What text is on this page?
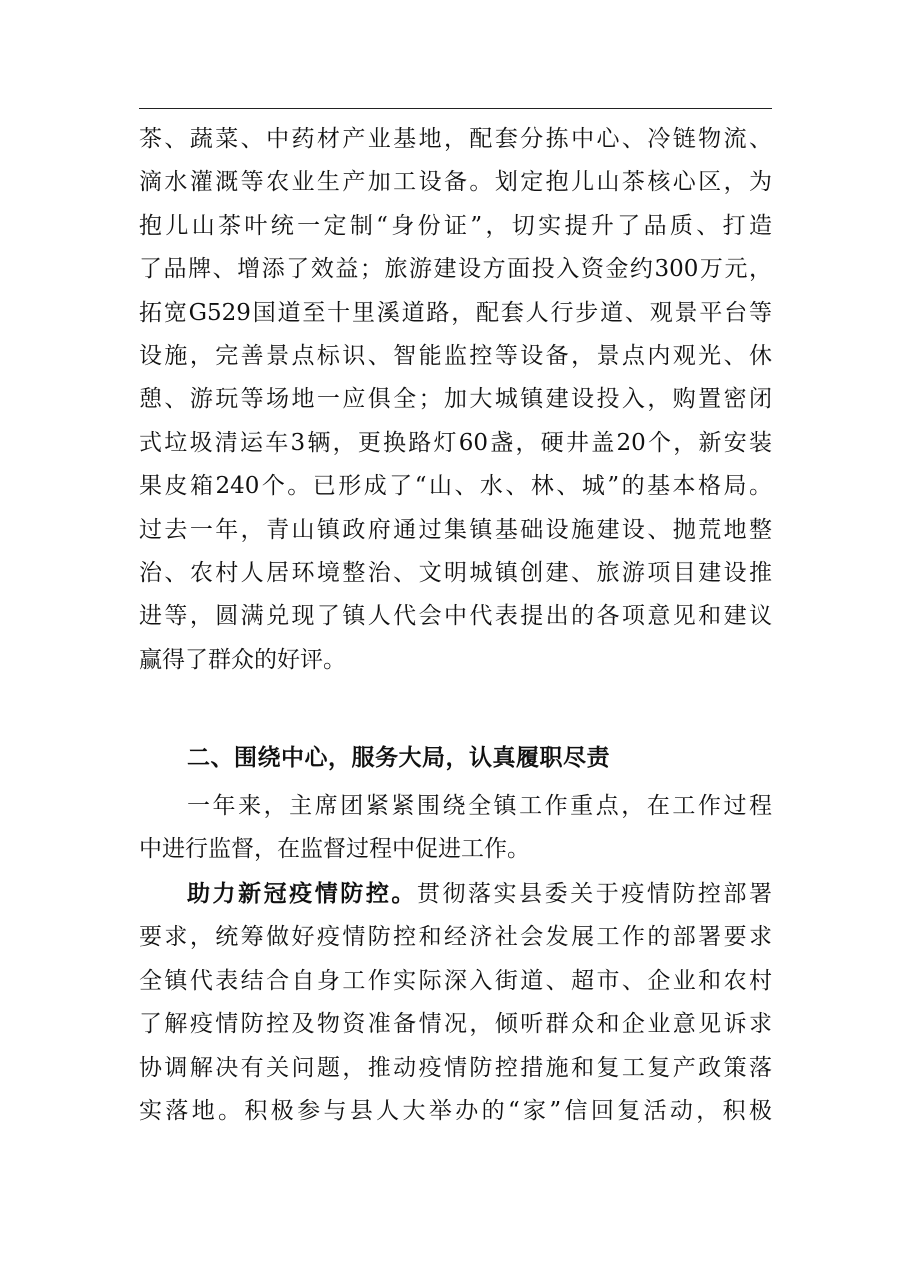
茶、蔬菜、中药材产业基地，配套分拣中心、冷链物流、
滴水灌溉等农业生产加工设备。划定抱儿山茶核心区，为
抱儿山茶叶统一定制“身份证”，切实提升了品质、打造
了品牌、增添了效益；旅游建设方面投入资金约300万元，
拓宽G529国道至十里溪道路，配套人行步道、观景平台等
设施，完善景点标识、智能监控等设备，景点内观光、休
憩、游玩等场地一应俱全；加大城镇建设投入，购置密闭
式垃圾清运车3辆，更换路灯60盏，硬井盖20个，新安装
果皮箱240个。已形成了“山、水、林、城”的基本格局。
过去一年，青山镇政府通过集镇基础设施建设、抛荒地整
治、农村人居环境整治、文明城镇创建、旅游项目建设推
进等，圆满兑现了镇人代会中代表提出的各项意见和建议
赢得了群众的好评。
二、围绕中心，服务大局，认真履职尽责
一年来，主席团紧紧围绕全镇工作重点，在工作过程
中进行监督，在监督过程中促进工作。
助力新冠疫情防控。贯彻落实县委关于疫情防控部署
要求，统筹做好疫情防控和经济社会发展工作的部署要求
全镇代表结合自身工作实际深入街道、超市、企业和农村
了解疫情防控及物资准备情况，倾听群众和企业意见诉求
协调解决有关问题，推动疫情防控措施和复工复产政策落
实落地。积极参与县人大举办的“家”信回复活动，积极
